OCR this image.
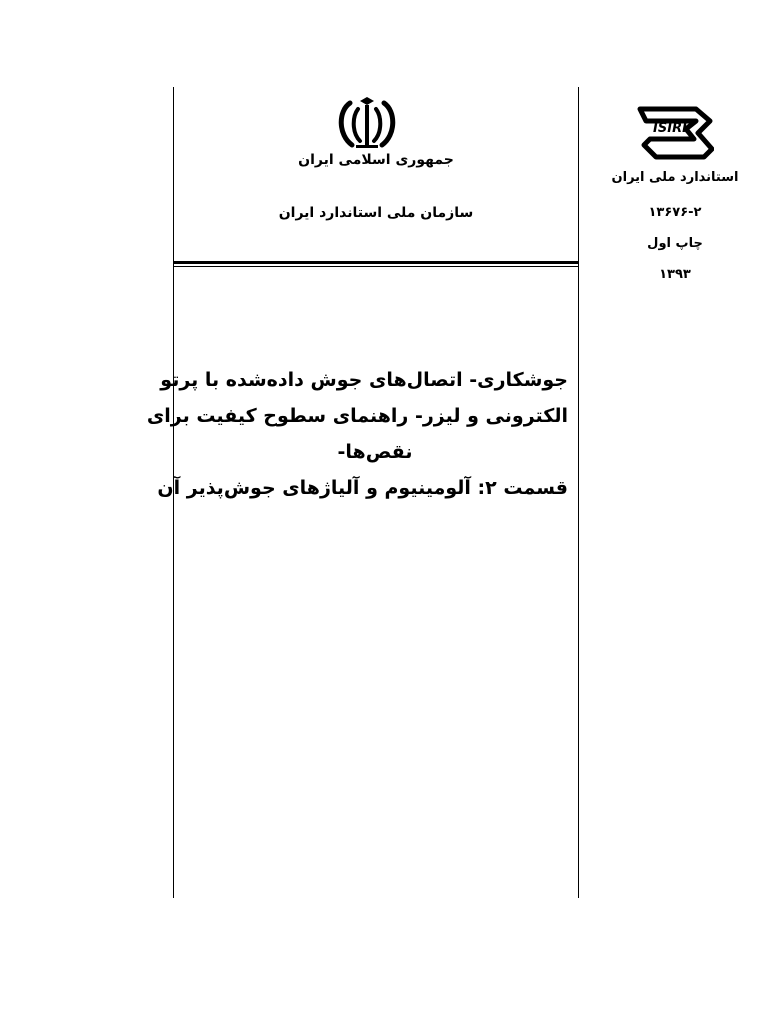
جمهوری اسلامی ایران
سازمان ملی استاندارد ایران
ISIRI
استاندارد ملی ایران
۱۳۶۷۶-۲
چاپ اول
۱۳۹۳
جوشکاری- اتصال‌های جوش داده‌شده با پرتو
الکترونی و لیزر- راهنمای سطوح کیفیت برای
نقص‌ها-
قسمت ۲: آلومینیوم و آلیاژهای جوش‌پذیر آن
